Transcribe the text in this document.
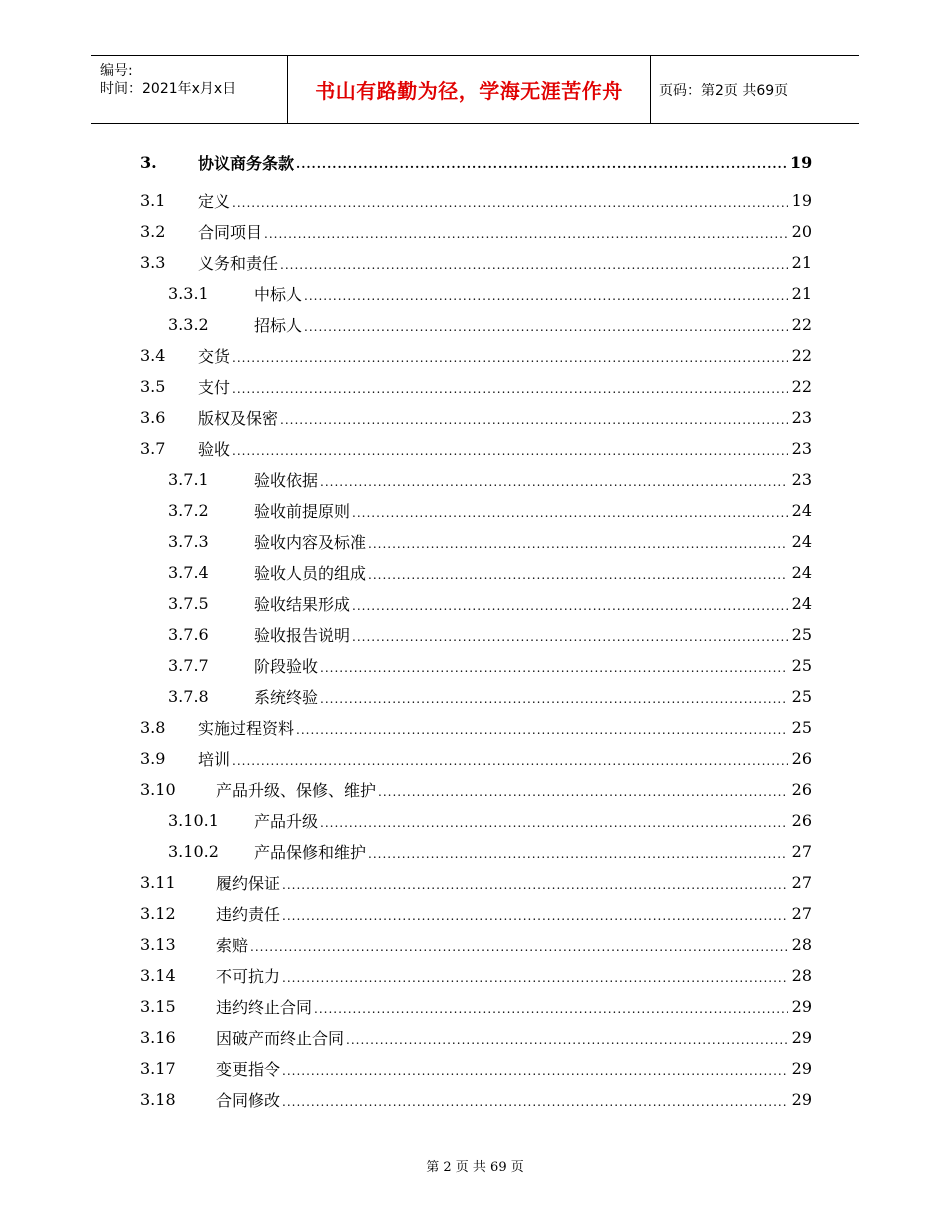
编号:
时间：2021年x月x日	书山有路勤为径，学海无涯苦作舟	页码：第2页 共69页
3.	协议商务条款 .....	19
3.1	定义 .....	19
3.2	合同项目 .....	20
3.3	义务和责任 .....	21
3.3.1	中标人 .....	21
3.3.2	招标人 .....	22
3.4	交货 .....	22
3.5	支付 .....	22
3.6	版权及保密 .....	23
3.7	验收 .....	23
3.7.1	验收依据 .....	23
3.7.2	验收前提原则 .....	24
3.7.3	验收内容及标准 .....	24
3.7.4	验收人员的组成 .....	24
3.7.5	验收结果形成 .....	24
3.7.6	验收报告说明 .....	25
3.7.7	阶段验收 .....	25
3.7.8	系统终验 .....	25
3.8	实施过程资料 .....	25
3.9	培训 .....	26
3.10	产品升级、保修、维护 .....	26
3.10.1	产品升级 .....	26
3.10.2	产品保修和维护 .....	27
3.11	履约保证 .....	27
3.12	违约责任 .....	27
3.13	索赔 .....	28
3.14	不可抗力 .....	28
3.15	违约终止合同 .....	29
3.16	因破产而终止合同 .....	29
3.17	变更指令 .....	29
3.18	合同修改 .....	29
第 2 页 共 69 页
